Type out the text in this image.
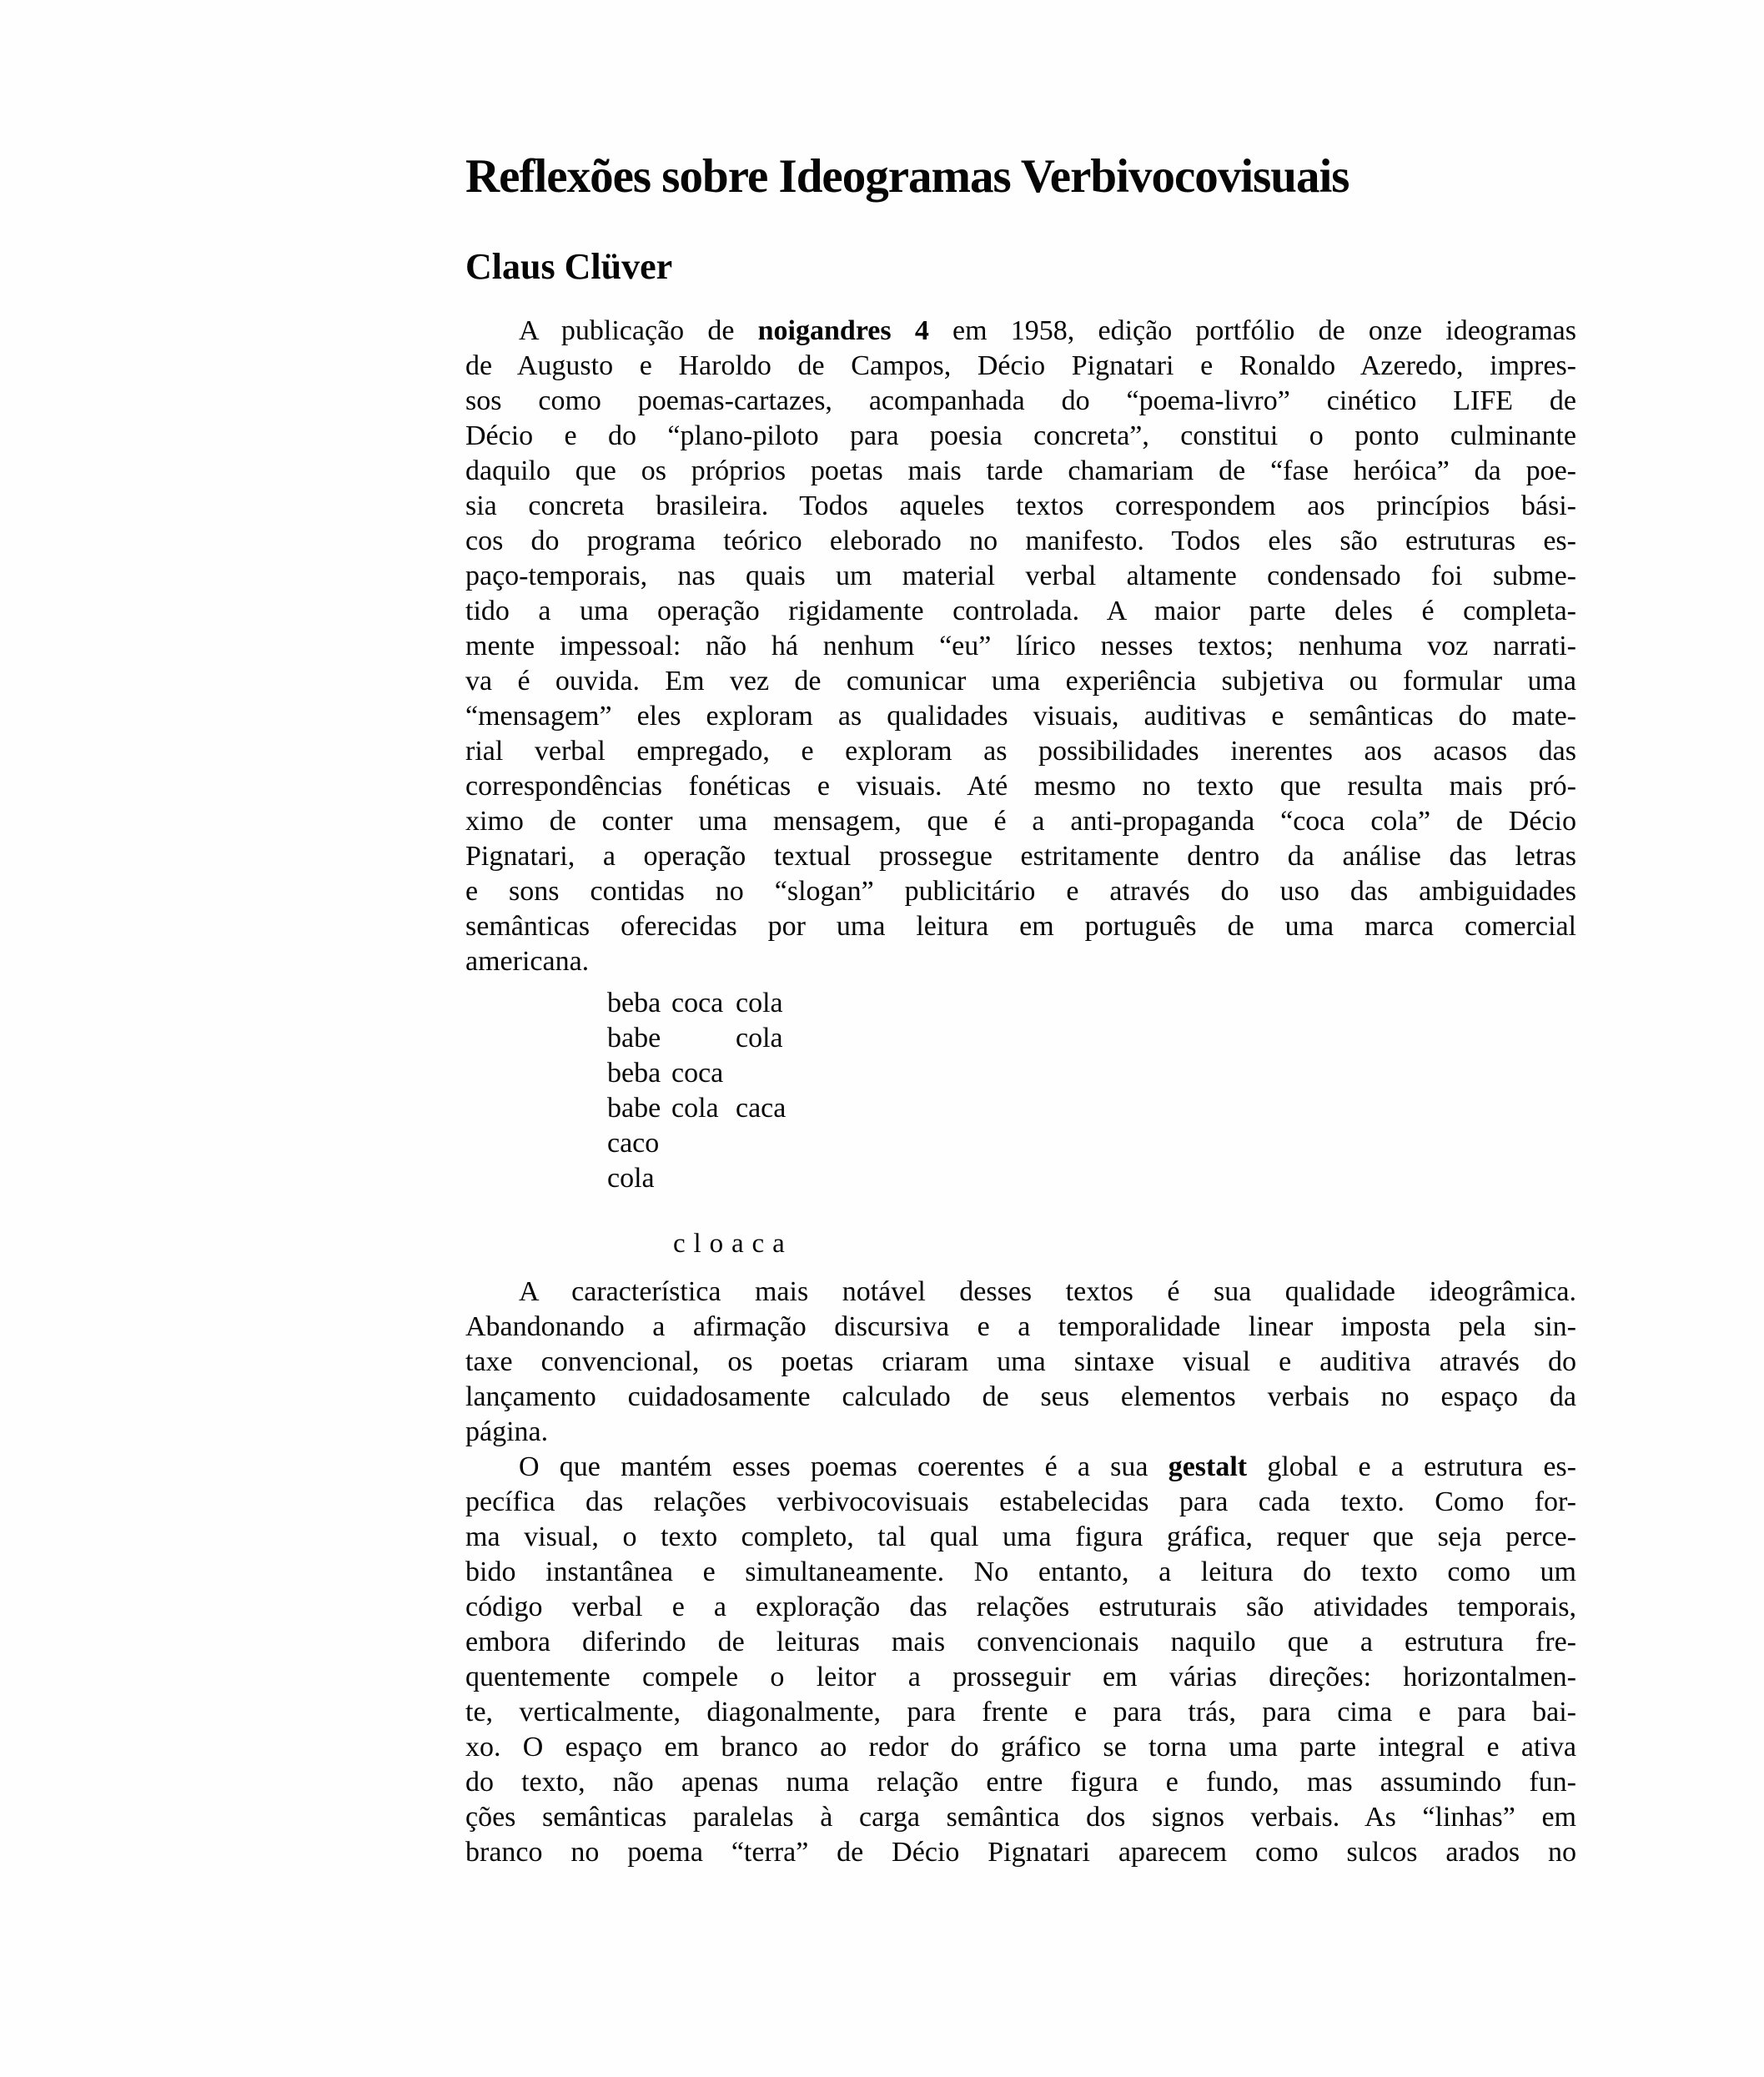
Reflexões sobre Ideogramas Verbivocovisuais
Claus Clüver
A publicação de noigandres 4 em 1958, edição portfólio de onze ideogramas
de Augusto e Haroldo de Campos, Décio Pignatari e Ronaldo Azeredo, impres-
sos como poemas-cartazes, acompanhada do “poema-livro” cinético LIFE de
Décio e do “plano-piloto para poesia concreta”, constitui o ponto culminante
daquilo que os próprios poetas mais tarde chamariam de “fase heróica” da poe-
sia concreta brasileira. Todos aqueles textos correspondem aos princípios bási-
cos do programa teórico eleborado no manifesto. Todos eles são estruturas es-
paço-temporais, nas quais um material verbal altamente condensado foi subme-
tido a uma operação rigidamente controlada. A maior parte deles é completa-
mente impessoal: não há nenhum “eu” lírico nesses textos; nenhuma voz narrati-
va é ouvida. Em vez de comunicar uma experiência subjetiva ou formular uma
“mensagem” eles exploram as qualidades visuais, auditivas e semânticas do mate-
rial verbal empregado, e exploram as possibilidades inerentes aos acasos das
correspondências fonéticas e visuais. Até mesmo no texto que resulta mais pró-
ximo de conter uma mensagem, que é a anti-propaganda “coca cola” de Décio
Pignatari, a operação textual prossegue estritamente dentro da análise das letras
e sons contidas no “slogan” publicitário e através do uso das ambiguidades
semânticas oferecidas por uma leitura em português de uma marca comercial
americana.
beba coca cola
babe	cola
beba coca
babe cola caca
caco
cola
cloaca
A característica mais notável desses textos é sua qualidade ideogrâmica.
Abandonando a afirmação discursiva e a temporalidade linear imposta pela sin-
taxe convencional, os poetas criaram uma sintaxe visual e auditiva através do
lançamento cuidadosamente calculado de seus elementos verbais no espaço da
página.
O que mantém esses poemas coerentes é a sua gestalt global e a estrutura es-
pecífica das relações verbivocovisuais estabelecidas para cada texto. Como for-
ma visual, o texto completo, tal qual uma figura gráfica, requer que seja perce-
bido instantânea e simultaneamente. No entanto, a leitura do texto como um
código verbal e a exploração das relações estruturais são atividades temporais,
embora diferindo de leituras mais convencionais naquilo que a estrutura fre-
quentemente compele o leitor a prosseguir em várias direções: horizontalmen-
te, verticalmente, diagonalmente, para frente e para trás, para cima e para bai-
xo. O espaço em branco ao redor do gráfico se torna uma parte integral e ativa
do texto, não apenas numa relação entre figura e fundo, mas assumindo fun-
ções semânticas paralelas à carga semântica dos signos verbais. As “linhas” em
branco no poema “terra” de Décio Pignatari aparecem como sulcos arados no
